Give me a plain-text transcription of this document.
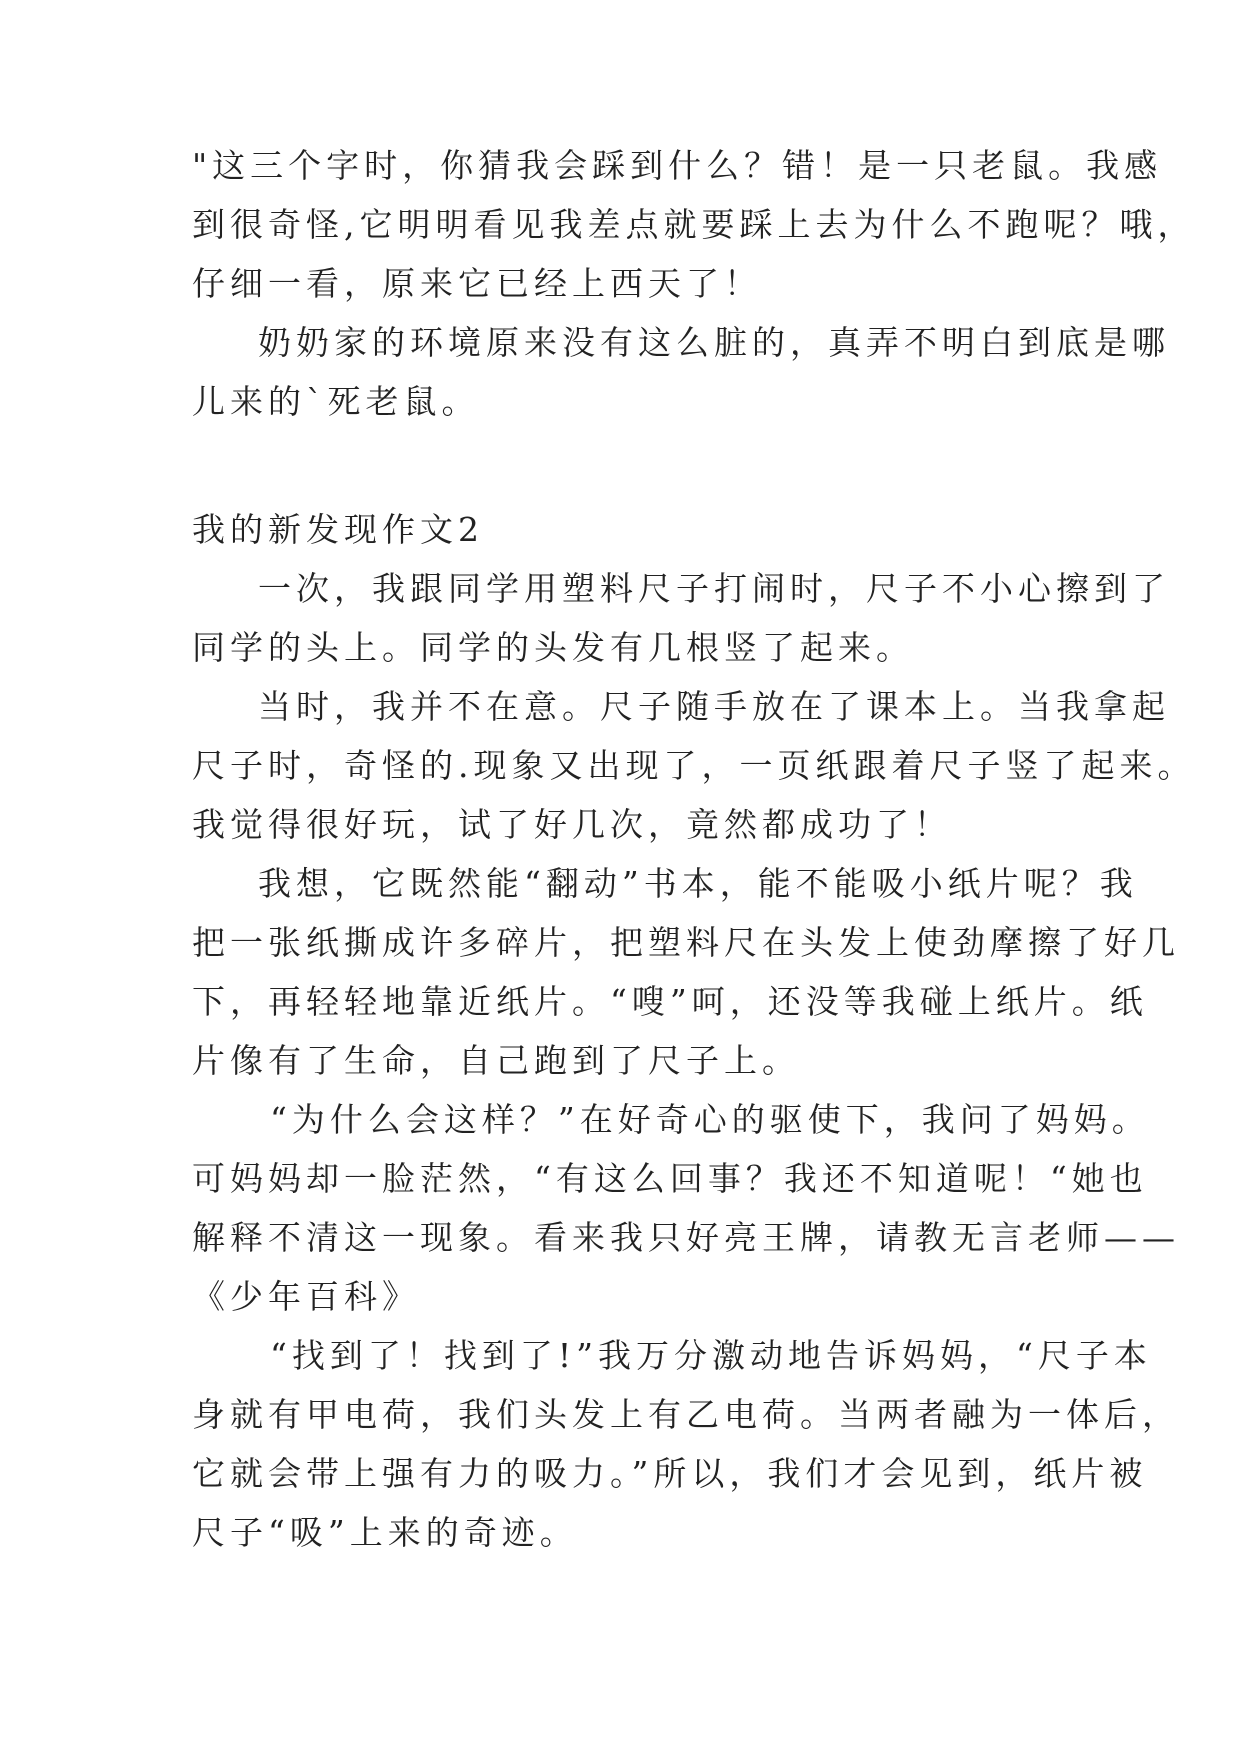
"这三个字时，你猜我会踩到什么？错！是一只老鼠。我感
到很奇怪,它明明看见我差点就要踩上去为什么不跑呢？哦，
仔细一看，原来它已经上西天了！
奶奶家的环境原来没有这么脏的，真弄不明白到底是哪
儿来的`死老鼠。
我的新发现作文2
一次，我跟同学用塑料尺子打闹时，尺子不小心擦到了
同学的头上。同学的头发有几根竖了起来。
当时，我并不在意。尺子随手放在了课本上。当我拿起
尺子时，奇怪的.现象又出现了，一页纸跟着尺子竖了起来。
我觉得很好玩，试了好几次，竟然都成功了！
我想，它既然能“翻动”书本，能不能吸小纸片呢？我
把一张纸撕成许多碎片，把塑料尺在头发上使劲摩擦了好几
下，再轻轻地靠近纸片。“嗖”呵，还没等我碰上纸片。纸
片像有了生命，自己跑到了尺子上。
“为什么会这样？”在好奇心的驱使下，我问了妈妈。
可妈妈却一脸茫然，“有这么回事？我还不知道呢！“她也
解释不清这一现象。看来我只好亮王牌，请教无言老师——
《少年百科》
“找到了！找到了!”我万分激动地告诉妈妈，“尺子本
身就有甲电荷，我们头发上有乙电荷。当两者融为一体后，
它就会带上强有力的吸力。”所以，我们才会见到，纸片被
尺子“吸”上来的奇迹。
